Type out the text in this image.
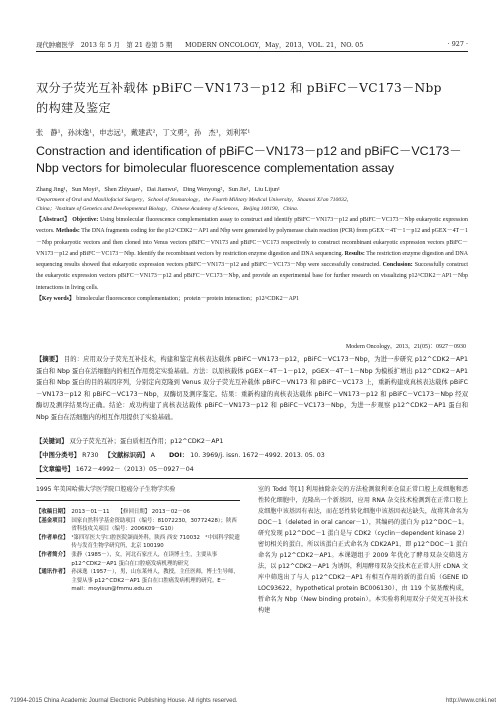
现代肿瘤医学　2013 年 5 月　第 21 卷第 5 期　　MODERN ONCOLOGY，May，2013，VOL. 21，NO. 05	· 927 ·
双分子荧光互补载体 pBiFC－VN173－p12 和 pBiFC－VC173－Nbp 的构建及鉴定
张　静¹，孙沫逸¹，申志远¹，戴建武²，丁文勇²，孙　杰¹，刘利军¹
Constraction and identification of pBiFC－VN173－p12 and pBiFC－VC173－Nbp vectors for bimolecular fluorescence complementation assay
Zhang Jing¹，Sun Moyi¹，Shen Zhiyuan¹，Dai Jianwu²，Ding Wenyong²，Sun Jie¹，Liu Lijun¹
¹Department of Oral and Maxillofacial Surgery，School of Stomatology，the Fourth Military Medical University，Shaanxi Xi'an 710032，
China；²Institute of Genetics and Developmental Biology，Chinese Academy of Sciences，Beijing 100190，China.
【Abstract】 Objective: Using bimolecular fluorescence complementation assay to construct and identify pBiFC－VN173－p12 and pBiFC－VC173－Nbp eukaryotic expression vectors. Methods: The DNA fragments coding for the p12^CDK2－AP1 and Nbp were generated by polymerase chain reaction (PCR) from pGEX－4T－1－p12 and pGEX－4T－1－Nbp prokaryotic vectors and then cloned into Venus vectors pBiFC－VN173 and pBiFC－VC173 respectively to construct recombinant eukaryotic expression vectors pBiFC－VN173－p12 and pBiFC－VC173－Nbp. Identify the recombinant vectors by restriction enzyme digestion and DNA sequencing. Results: The restriction enzyme digestion and DNA sequencing results showed that eukaryotic expression vectors pBiFC－VN173－p12 and pBiFC－VC173－Nbp were successfully constructed. Conclusion: Successfully construct the eukaryotic expression vectors pBiFC－VN173－p12 and pBiFC－VC173－Nbp, and provide an experimental base for further research on visualizing p12^CDK2－AP1－Nbp interactions in living cells.
【Key words】 bimolecular fluorescence complementation；protein－protein interaction；p12^CDK2－AP1
Modern Oncology，2013，21(05)：0927－0930
【摘要】 目的：应用双分子荧光互补技术，构建和鉴定真核表达载体 pBiFC－VN173－p12，pBiFC－VC173－Nbp，为进一步研究 p12^CDK2－AP1 蛋白和 Nbp 蛋白在活细胞内的相互作用奠定实验基础。方法：以原核载体 pGEX－4T－1－p12，pGEX－4T－1－Nbp 为模板扩增出 p12^CDK2－AP1 蛋白和 Nbp 蛋白的目的基因序列，分别定向克隆到 Venus 双分子荧光互补载体 pBiFC－VN173 和 pBiFC－VC173 上，重新构建成真核表达载体 pBiFC－VN173－p12 和 pBiFC－VC173－Nbp，双酶切及测序鉴定。结果：重新构建的真核表达载体 pBiFC－VN173－p12 和 pBiFC－VC173－Nbp 经双酶切及测序结果均正确。结论：成功构建了真核表达载体 pBiFC－VN173－p12 和 pBiFC－VC173－Nbp，为进一步观察 p12^CDK2－AP1 蛋白和 Nbp 蛋白在活细胞内的相互作用提供了实验基础。
【关键词】 双分子荧光互补；蛋白质相互作用；p12^CDK2－AP1
【中图分类号】 R730 【文献标识码】 A DOI： 10. 3969/j. issn. 1672－4992. 2013. 05. 03
【文章编号】 1672－4992－（2013）05－0927－04
1995 年美国哈佛大学医学院口腔癌分子生物学实验
【收稿日期】 2013－01－11　　【修回日期】 2013－02－06
【基金项目】 国家自然科学基金资助项目（编号：81072230，30772428）；陕西省科技攻关项目（编号：2006K09－G10）
【作者单位】 ¹第四军医大学口腔医院颌面外科，陕西 西安 710032　²中国科学院遗传与发育生物学研究所，北京 100190
【作者简介】 张静（1985－），女，河北石家庄人，在读博士生，主要从事 p12^CDK2－AP1 蛋白在口腔癌发病机理的研究
【通讯作者】 孙沫逸（1957－），男，山东莱州人，教授，主任医师，博士生导师，主要从事 p12^CDK2－AP1 蛋白在口腔癌发病机理的研究。E－mail：moyisun@fmmu.edu.cn
室的 Todd 等[1] 利用抽除杂交的方法检测叙利亚仓鼠正常口腔上皮细胞和恶性转化细胞中，克隆出一个新基因，应用 RNA 杂交技术检测到在正常口腔上皮细胞中该基因有表达，而在恶性转化细胞中该基因表达缺失，故将其命名为 DOC－1（deleted in oral cancer－1），其编码的蛋白为 p12^DOC－1。研究发现 p12^DOC－1 蛋白是与 CDK2（cyclin－dependent kinase 2）密切相关的蛋白，所以该蛋白正式命名为 CDK2AP1，即 p12^DOC－1 蛋白命名为 p12^CDK2－AP1。本课题组于 2009 年优化了酵母双杂交筛选方法，以 p12^CDK2－AP1 为诱饵，利用酵母双杂交技术在正常人肝 cDNA 文库中筛选出了与人 p12^CDK2－AP1 有相互作用的新的蛋白质（GENE ID LOC93622，hypothetical protein BC006130），由 119 个氨基酸构成，暂命名为 Nbp（New binding protein）。本实验将利用双分子荧光互补技术构建
?1994-2015 China Academic Journal Electronic Publishing House. All rights reserved.	http://www.cnki.net
